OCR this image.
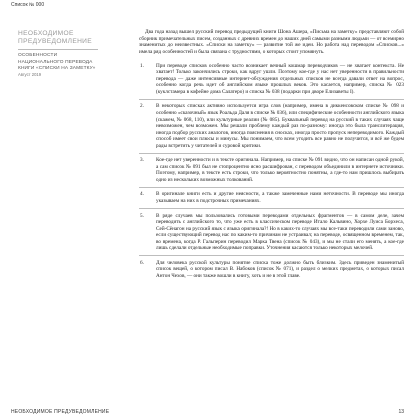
Список № 000

НЕОБХОДИМОЕ ПРЕДУВЕДОМЛЕНИЕ

ОСОБЕННОСТИ НАЦИОНАЛЬНОГО ПЕРЕВОДА КНИГИ «СПИСКИ НА ЗАМЕТКУ»

Август 2019

Два года назад вышел русский перевод предыдущей книги Шона Ашера, «Письма на заметку» представляют собой сборник примечательных писем, созданных с древних времен до наших дней самыми разными людьми — от всемирно знаменитых до неизвестных. «Списки на заметку» — развитие той же идеи. Но работа над переводом «Списков...» имела ряд особенностей и была связана с трудностями, о которых стоит упомянуть.

1. При переводе списков особенно часто возникает вечный кошмар переводчиков — не хватает контекста. Не хватает! Только закончились строки, как вдруг ушли. Поэтому кое-где у нас нет уверенности в правильности перевода — даже интенсивные интернет-обсуждения отдельных списков не всегда давали ответ на вопрос, особенно когда речь идет об английском языке прошлых веков. Это касается, например, списка № 023 (куклстамера в кофейне дома Салатеро) и списка № 038 (подарки при дворе Елизаветы I).
2. В некоторых списках активно используется игра слов (например, имена в диккенсовском списке № 098 и особенно «сказочный» язык Роальда Даля в списке № 036), или специфические особенности английского языка (скажем, № 068, 110), или культурные реалии (№ 085). Буквальный перевод на русский в таких случаях чаще невозможен, чем возможен. Мы решали проблему каждый раз по-разному: иногда это была транслитерация, иногда подбор русских аналогов, иногда пояснения в сносках, иногда просто пропуск непереводимого. Каждый способ имеет свои плюсы и минусы. Мы понимаем, что всем угодить все равно не получится, и всё же будем рады встретить у читателей и суровой критики.
3. Кое-где нет уверенности и в тексте оригинала. Например, на списке № 091 видно, что он написан одной рукой, а сам список № 091 был не стопроцентно ясно расшифрован, с переводом объединили в интернете источники. Поэтому, например, в тексте есть строки, что только вероятностно понятны, а где-то нам пришлось выбирать одно из нескольких возможных толкований.
4. В оригинале книги есть и другие неясности, а также замеченные нами неточности. В переводе мы иногда указываем на них в подстрочных примечаниях.
5. В ряде случаев мы пользовались готовыми переводами отдельных фрагментов — в самом деле, зачем переводить с английского то, что уже есть в классическом переводе Итало Кальвино, Хорхе Луиса Борхеса, Сей-Сёнагон на русский язык с языка оригинала?! Но в каких-то случаях мы все-таки переводили сами заново, если существующий перевод нас по каким-то причинам не устраивал; на переводе, освященном временем, так, во времена, когда Р. Гальперин переводил Марка Твена (список № 043), и мы не стали его менять, а кое-где лишь сделали отдельные необходимые поправки. Уточнения касаются только некоторых мелочей.
6. Для человека русской культуры понятие списка тоже должно быть близким. Здесь приведен знаменитый список вещей, о котором писал В. Набоков (список № 071), и раздел о мелких предметах, о которых писал Антон Чехов, — они также вошли в книгу, хоть и не в этой главе.
НЕОБХОДИМОЕ ПРЕДУВЕДОМЛЕНИЕ	13
